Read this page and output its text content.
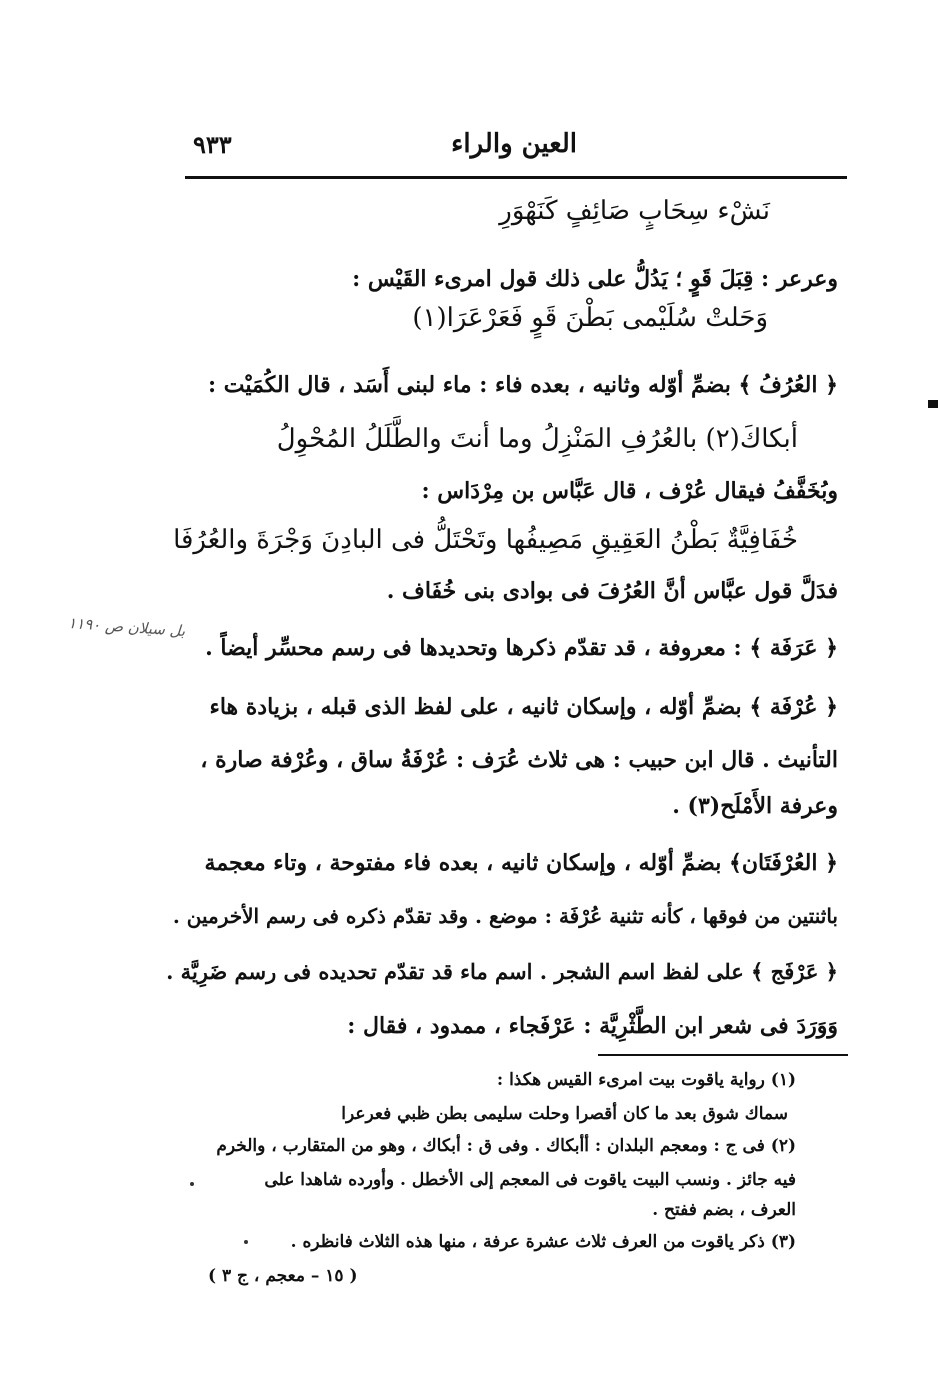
العين والراء
٩٣٣
نَشْء سِحَابٍ صَائِفٍ كَنَهْوَرِ
وعرعر : قِبَلَ قَوٍ ؛ يَدُلُّ على ذلك قول امرىء القَيْس :
وَحَلتْ سُلَيْمى بَطْنَ قَوٍ فَعَرْعَرَا(١)
﴿ العُرُفُ ﴾ بضمِّ أوّله وثانيه ، بعده فاء : ماء لبنى أَسَد ، قال الكُمَيْت :
أبكاكَ(٢) بالعُرُفِ المَنْزِلُ وما أنتَ والطَّلَلُ المُحْوِلُ
وبُخَفَّفُ فيقال عُرْف ، قال عَبَّاس بن مِرْدَاس :
خُفَافِيَّةٌ بَطْنُ العَقِيقِ مَصِيفُها وتَحْتَلُّ فى البادِنَ وَجْرَةَ والعُرُفَا
فدَلَّ قول عبَّاس أنَّ العُرُفَ فى بوادى بنى خُفَاف .
﴿ عَرَفَة ﴾ : معروفة ، قد تقدّم ذكرها وتحديدها فى رسم محسِّر أيضاً .
بل سيلان ص ١١٩٠
﴿ عُرْفَة ﴾ بضمِّ أوّله ، وإسكان ثانيه ، على لفظ الذى قبله ، بزيادة هاء
التأنيث . قال ابن حبيب : هى ثلاث عُرَف : عُرْفَةُ ساق ، وعُرْفة صارة ،
وعرفة الأَمْلَح(٣) .
﴿ العُرْفَتَان﴾ بضمِّ أوّله ، وإسكان ثانيه ، بعده فاء مفتوحة ، وتاء معجمة
باثنتين من فوقها ، كأنه تثنية عُرْفَة : موضع . وقد تقدّم ذكره فى رسم الأخرمين .
﴿ عَرْفَج ﴾ على لفظ اسم الشجر . اسم ماء قد تقدّم تحديده فى رسم ضَرِيَّة .
وَوَرَدَ فى شعر ابن الطَّثْرِيَّة : عَرْفَجاء ، ممدود ، فقال :
(١) رواية ياقوت بيت امرىء القيس هكذا :
سماك شوق بعد ما كان أقصرا وحلت سليمى بطن ظبي فعرعرا
(٢) فى ج : ومعجم البلدان : أأبكاك . وفى ق : أبكاك ، وهو من المتقارب ، والخرم
فيه جائز . ونسب البيت ياقوت فى المعجم إلى الأخطل . وأورده شاهدا على
العرف ، بضم ففتح .
(٣) ذكر ياقوت من العرف ثلاث عشرة عرفة ، منها هذه الثلاث فانظره .
( ١٥ – معجم ، ج ٣ )
